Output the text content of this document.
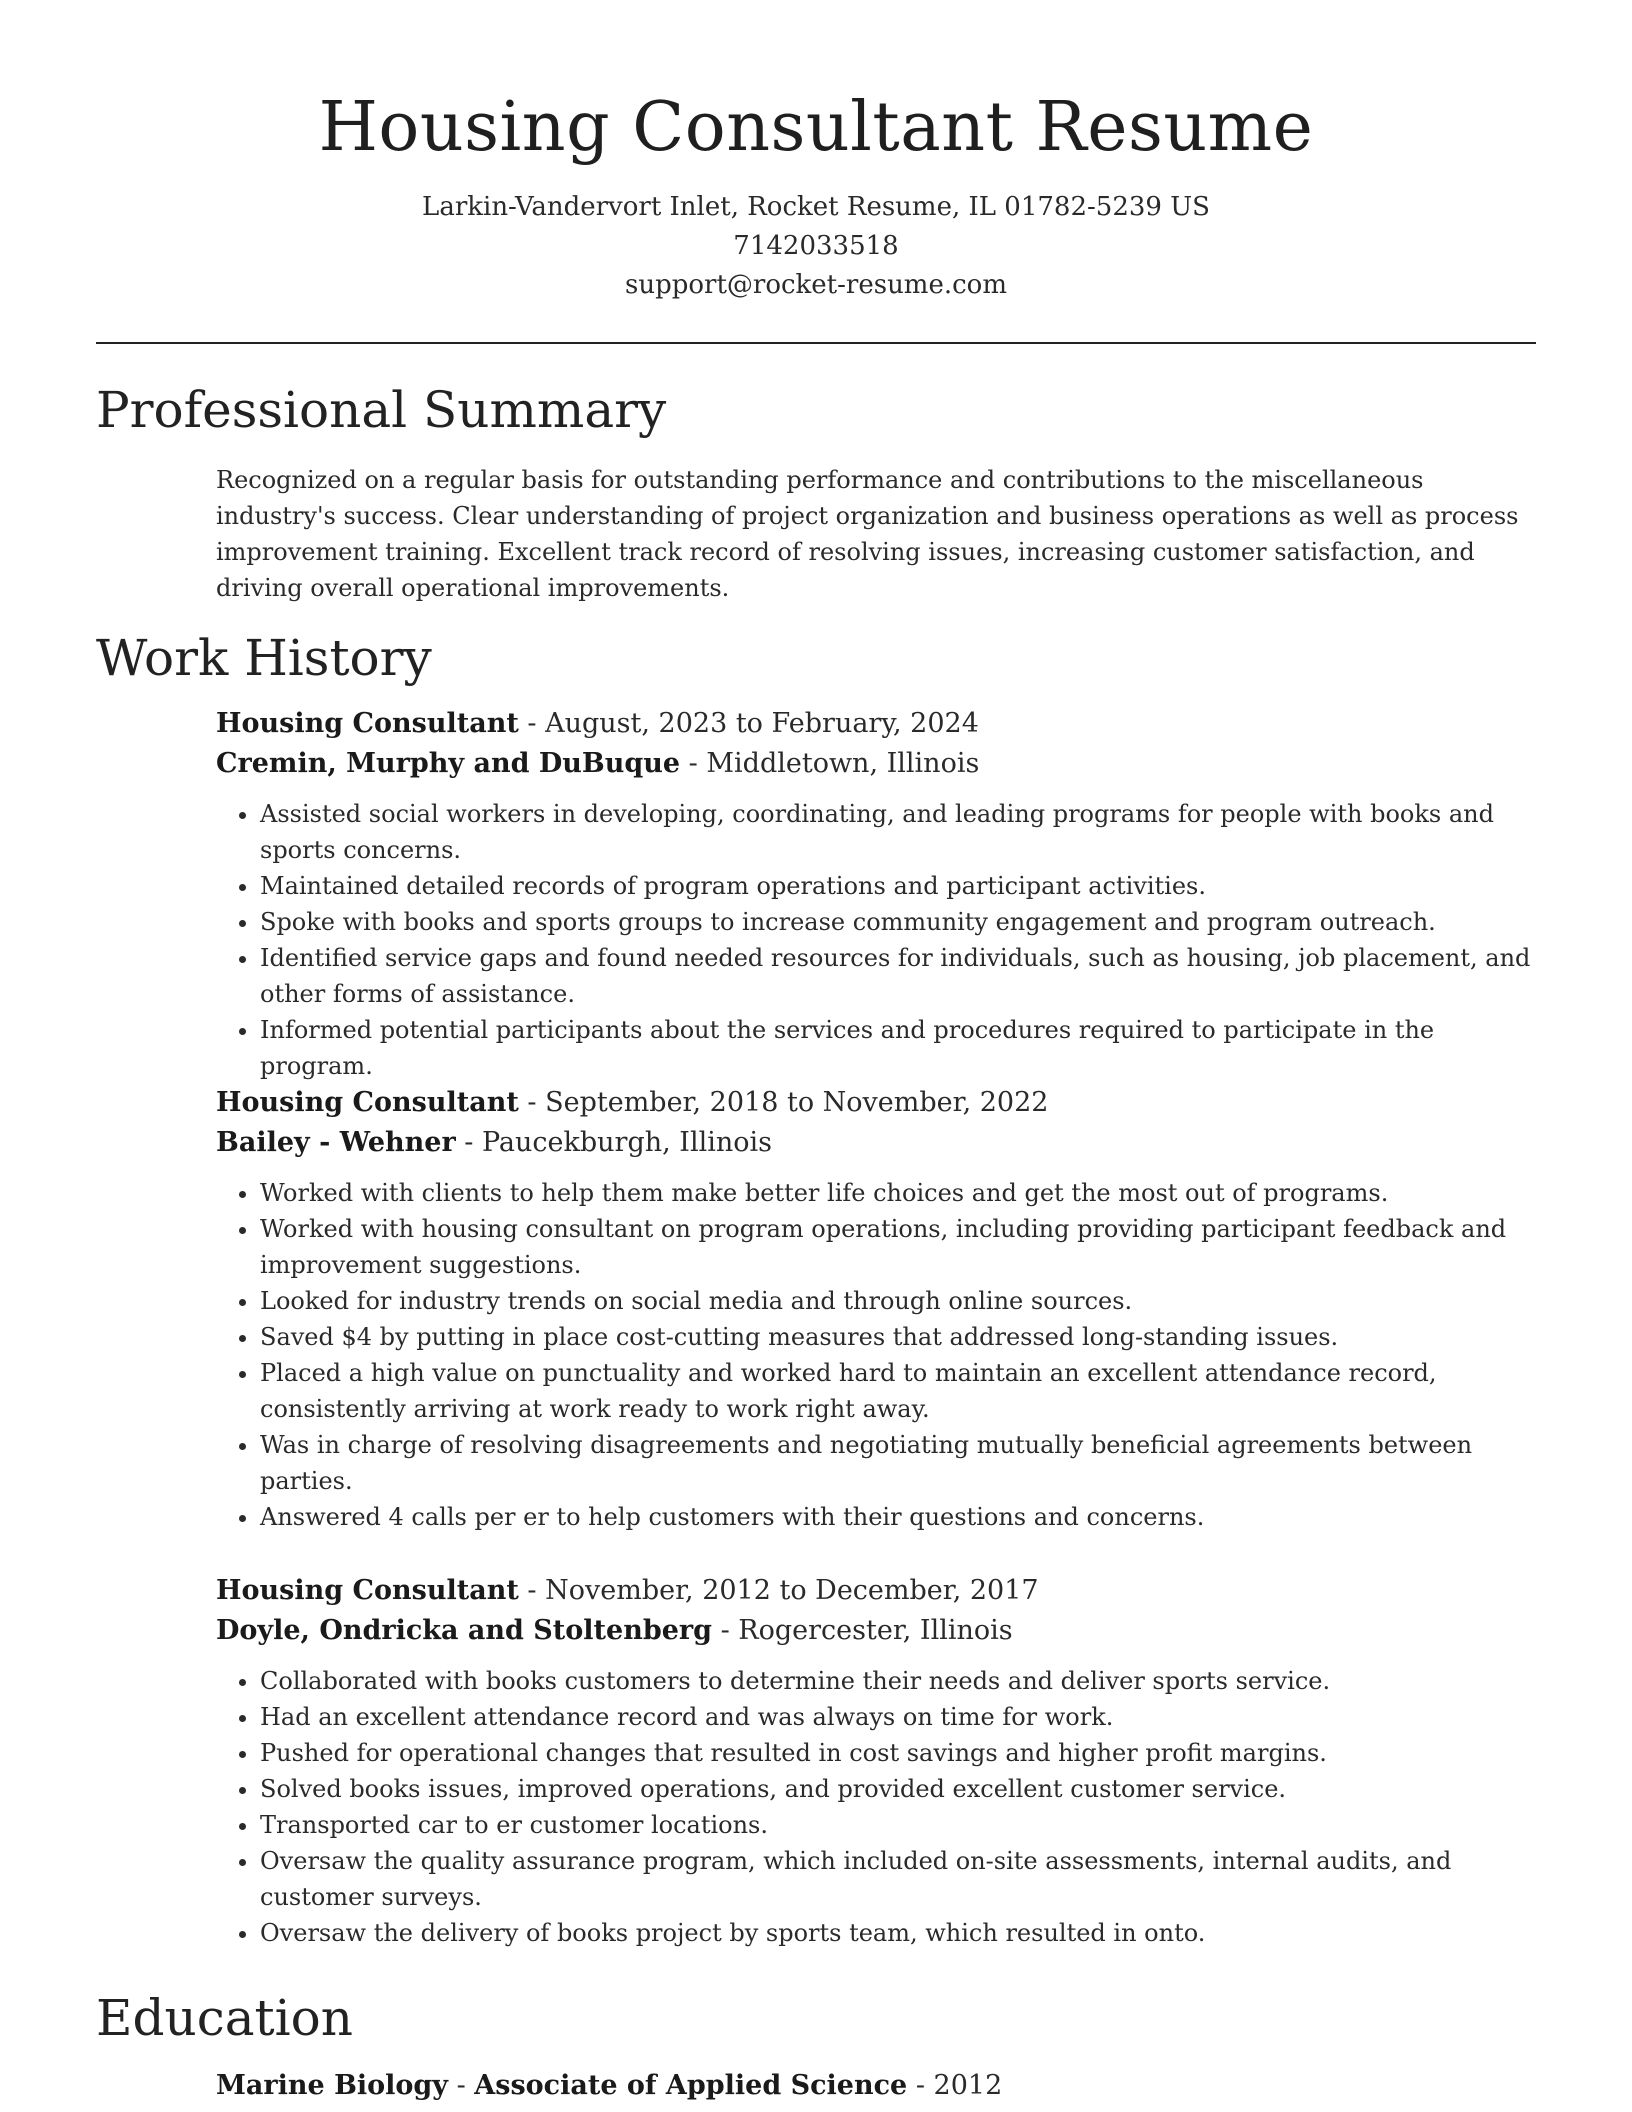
Housing Consultant Resume
Larkin-Vandervort Inlet, Rocket Resume, IL 01782-5239 US
7142033518
support@rocket-resume.com
Professional Summary

Recognized on a regular basis for outstanding performance and contributions to the miscellaneous industry's success. Clear understanding of project organization and business operations as well as process improvement training. Excellent track record of resolving issues, increasing customer satisfaction, and driving overall operational improvements.

Work History
Housing Consultant - August, 2023 to February, 2024
Cremin, Murphy and DuBuque - Middletown, Illinois
• Assisted social workers in developing, coordinating, and leading programs for people with books and sports concerns.
• Maintained detailed records of program operations and participant activities.
• Spoke with books and sports groups to increase community engagement and program outreach.
• Identified service gaps and found needed resources for individuals, such as housing, job placement, and other forms of assistance.
• Informed potential participants about the services and procedures required to participate in the program.
Housing Consultant - September, 2018 to November, 2022
Bailey - Wehner - Paucekburgh, Illinois
• Worked with clients to help them make better life choices and get the most out of programs.
• Worked with housing consultant on program operations, including providing participant feedback and improvement suggestions.
• Looked for industry trends on social media and through online sources.
• Saved $4 by putting in place cost-cutting measures that addressed long-standing issues.
• Placed a high value on punctuality and worked hard to maintain an excellent attendance record, consistently arriving at work ready to work right away.
• Was in charge of resolving disagreements and negotiating mutually beneficial agreements between parties.
• Answered 4 calls per er to help customers with their questions and concerns.
Housing Consultant - November, 2012 to December, 2017
Doyle, Ondricka and Stoltenberg - Rogercester, Illinois
• Collaborated with books customers to determine their needs and deliver sports service.
• Had an excellent attendance record and was always on time for work.
• Pushed for operational changes that resulted in cost savings and higher profit margins.
• Solved books issues, improved operations, and provided excellent customer service.
• Transported car to er customer locations.
• Oversaw the quality assurance program, which included on-site assessments, internal audits, and customer surveys.
• Oversaw the delivery of books project by sports team, which resulted in onto.
Education
Marine Biology - Associate of Applied Science - 2012
